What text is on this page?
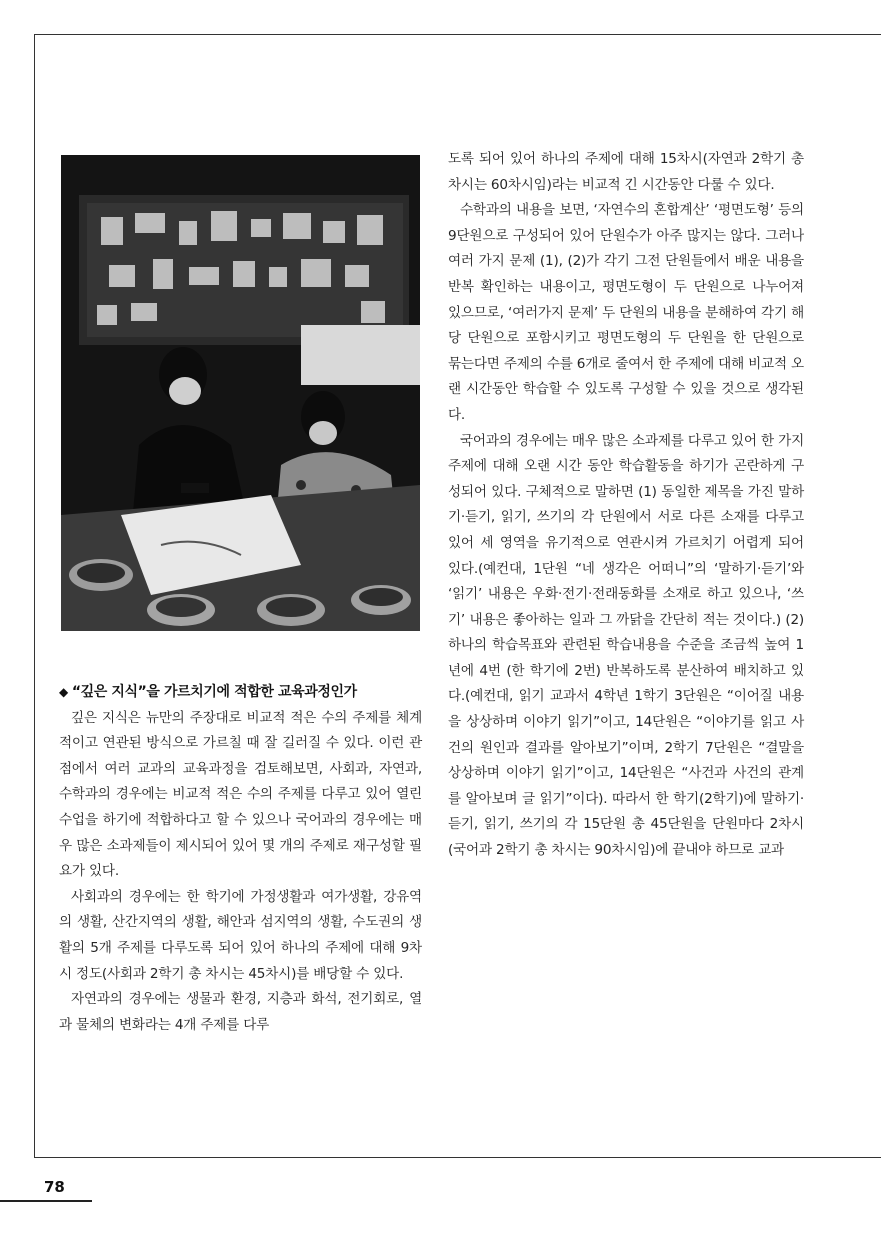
◆ “깊은 지식”을 가르치기에 적합한 교육과정인가

깊은 지식은 뉴만의 주장대로 비교적 적은 수의 주제를 체계적이고 연관된 방식으로 가르칠 때 잘 길러질 수 있다. 이런 관점에서 여러 교과의 교육과정을 검토해보면, 사회과, 자연과, 수학과의 경우에는 비교적 적은 수의 주제를 다루고 있어 열린 수업을 하기에 적합하다고 할 수 있으나 국어과의 경우에는 매우 많은 소과제들이 제시되어 있어 몇 개의 주제로 재구성할 필요가 있다.

사회과의 경우에는 한 학기에 가정생활과 여가생활, 강유역의 생활, 산간지역의 생활, 해안과 섬지역의 생활, 수도권의 생활의 5개 주제를 다루도록 되어 있어 하나의 주제에 대해 9차시 정도(사회과 2학기 총 차시는 45차시)를 배당할 수 있다.

자연과의 경우에는 생물과 환경, 지층과 화석, 전기회로, 열과 물체의 변화라는 4개 주제를 다루

도록 되어 있어 하나의 주제에 대해 15차시(자연과 2학기 총 차시는 60차시임)라는 비교적 긴 시간동안 다룰 수 있다.

수학과의 내용을 보면, ‘자연수의 혼합계산’ ‘평면도형’ 등의 9단원으로 구성되어 있어 단원수가 아주 많지는 않다. 그러나 여러 가지 문제 (1), (2)가 각기 그전 단원들에서 배운 내용을 반복 확인하는 내용이고, 평면도형이 두 단원으로 나누어져 있으므로, ‘여러가지 문제’ 두 단원의 내용을 분해하여 각기 해당 단원으로 포함시키고 평면도형의 두 단원을 한 단원으로 묶는다면 주제의 수를 6개로 줄여서 한 주제에 대해 비교적 오랜 시간동안 학습할 수 있도록 구성할 수 있을 것으로 생각된다.

국어과의 경우에는 매우 많은 소과제를 다루고 있어 한 가지 주제에 대해 오랜 시간 동안 학습활동을 하기가 곤란하게 구성되어 있다. 구체적으로 말하면 (1) 동일한 제목을 가진 말하기·듣기, 읽기, 쓰기의 각 단원에서 서로 다른 소재를 다루고 있어 세 영역을 유기적으로 연관시켜 가르치기 어렵게 되어 있다.(예컨대, 1단원 “네 생각은 어떠니”의 ‘말하기·듣기’와 ‘읽기’ 내용은 우화·전기·전래동화를 소재로 하고 있으나, ‘쓰기’ 내용은 좋아하는 일과 그 까닭을 간단히 적는 것이다.) (2) 하나의 학습목표와 관련된 학습내용을 수준을 조금씩 높여 1년에 4번 (한 학기에 2번) 반복하도록 분산하여 배치하고 있다.(예컨대, 읽기 교과서 4학년 1학기 3단원은 “이어질 내용을 상상하며 이야기 읽기”이고, 14단원은 “이야기를 읽고 사건의 원인과 결과를 알아보기”이며, 2학기 7단원은 “결말을 상상하며 이야기 읽기”이고, 14단원은 “사건과 사건의 관계를 알아보며 글 읽기”이다). 따라서 한 학기(2학기)에 말하기·듣기, 읽기, 쓰기의 각 15단원 총 45단원을 단원마다 2차시(국어과 2학기 총 차시는 90차시임)에 끝내야 하므로 교과

78
